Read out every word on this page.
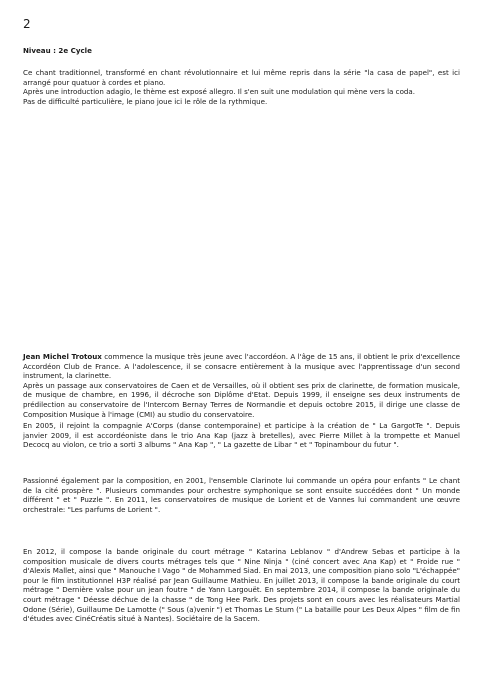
2

Niveau : 2e Cycle

Ce chant traditionnel, transformé en chant révolutionnaire et lui même repris dans la série "la casa de papel", est ici arrangé pour quatuor à cordes et piano.

Après une introduction adagio, le thème est exposé allegro. Il s'en suit une modulation qui mène vers la coda.

Pas de difficulté particulière, le piano joue ici le rôle de la rythmique.

Jean Michel Trotoux commence la musique très jeune avec l'accordéon. A l'âge de 15 ans, il obtient le prix d'excellence Accordéon Club de France. A l'adolescence, il se consacre entièrement à la musique avec l'apprentissage d'un second instrument, la clarinette.

Après un passage aux conservatoires de Caen et de Versailles, où il obtient ses prix de clarinette, de formation musicale, de musique de chambre, en 1996, il décroche son Diplôme d'Etat. Depuis 1999, il enseigne ses deux instruments de prédilection au conservatoire de l'Intercom Bernay Terres de Normandie et depuis octobre 2015, il dirige une classe de Composition Musique à l'image (CMI) au studio du conservatoire.

En 2005, il rejoint la compagnie A'Corps (danse contemporaine) et participe à la création de " La GargotTe ". Depuis janvier 2009, il est accordéoniste dans le trio Ana Kap (jazz à bretelles), avec Pierre Millet à la trompette et Manuel Decocq au violon, ce trio a sorti 3 albums " Ana Kap ", " La gazette de Libar " et " Topinambour du futur ".

Passionné également par la composition, en 2001, l'ensemble Clarinote lui commande un opéra pour enfants " Le chant de la cité prospère ". Plusieurs commandes pour orchestre symphonique se sont ensuite succédées dont " Un monde différent " et " Puzzle ". En 2011, les conservatoires de musique de Lorient et de Vannes lui commandent une œuvre orchestrale: "Les parfums de Lorient ".

En 2012, il compose la bande originale du court métrage " Katarina Leblanov " d'Andrew Sebas et participe à la composition musicale de divers courts métrages tels que " Nine Ninja " (ciné concert avec Ana Kap) et " Froide rue " d'Alexis Mallet, ainsi que " Manouche I Vago " de Mohammed Siad. En mai 2013, une composition piano solo "L'échappée" pour le film institutionnel H3P réalisé par Jean Guillaume Mathieu. En juillet 2013, il compose la bande originale du court métrage " Dernière valse pour un jean foutre " de Yann Largouët. En septembre 2014, il compose la bande originale du court métrage " Déesse déchue de la chasse " de Tong Hee Park. Des projets sont en cours avec les réalisateurs Martial Odone (Série), Guillaume De Lamotte (" Sous (a)venir ") et Thomas Le Stum (" La bataille pour Les Deux Alpes " film de fin d'études avec CinéCréatis situé à Nantes). Sociétaire de la Sacem.
